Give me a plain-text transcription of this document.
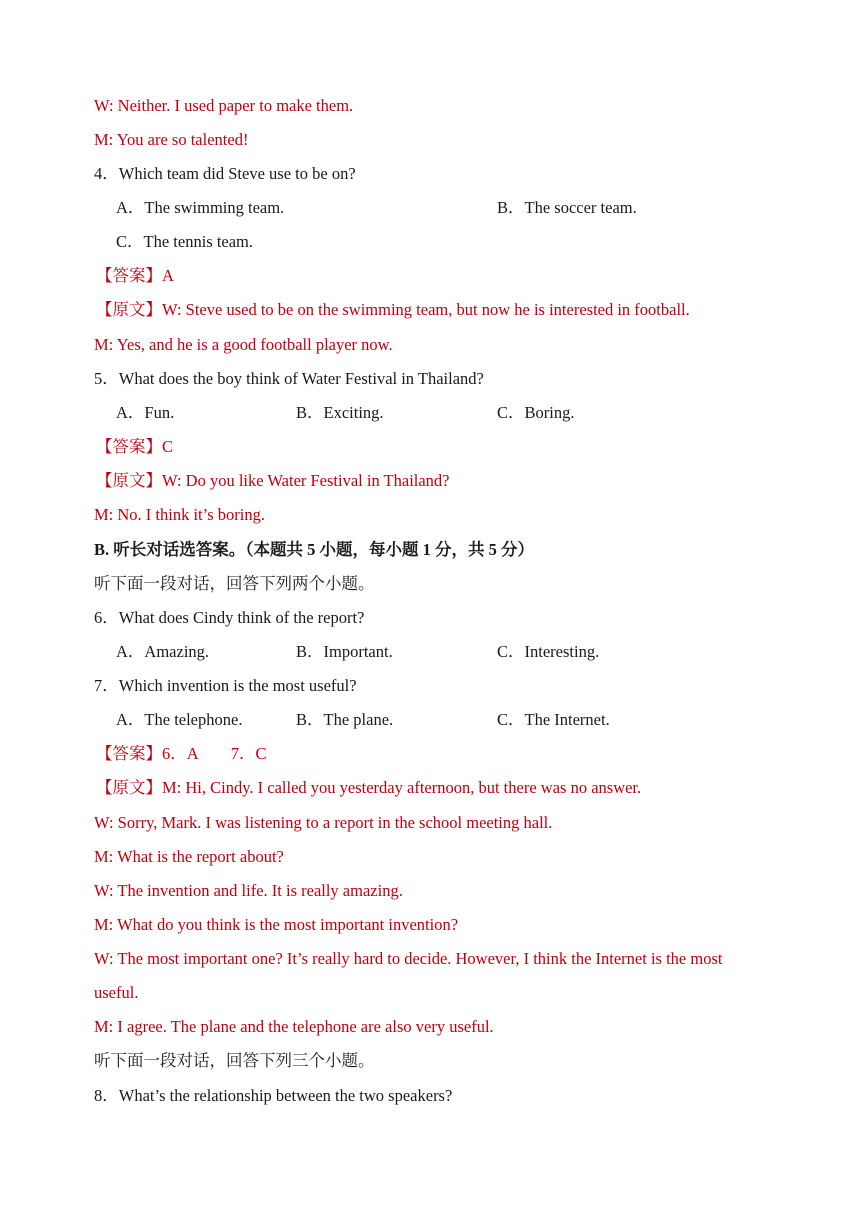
W: Neither. I used paper to make them.
M: You are so talented!
4．Which team did Steve use to be on?
A．The swimming team.	B．The soccer team.
C．The tennis team.
【答案】A
【原文】W: Steve used to be on the swimming team, but now he is interested in football.
M: Yes, and he is a good football player now.
5．What does the boy think of Water Festival in Thailand?
A．Fun.	B．Exciting.	C．Boring.
【答案】C
【原文】W: Do you like Water Festival in Thailand?
M: No. I think it’s boring.
B. 听长对话选答案。（本题共 5 小题，每小题 1 分，共 5 分）
听下面一段对话，回答下列两个小题。
6．What does Cindy think of the report?
A．Amazing.	B．Important.	C．Interesting.
7．Which invention is the most useful?
A．The telephone.	B．The plane.	C．The Internet.
【答案】6．A　　7．C
【原文】M: Hi, Cindy. I called you yesterday afternoon, but there was no answer.
W: Sorry, Mark. I was listening to a report in the school meeting hall.
M: What is the report about?
W: The invention and life. It is really amazing.
M: What do you think is the most important invention?
W: The most important one? It’s really hard to decide. However, I think the Internet is the most
useful.
M: I agree. The plane and the telephone are also very useful.
听下面一段对话，回答下列三个小题。
8．What’s the relationship between the two speakers?
